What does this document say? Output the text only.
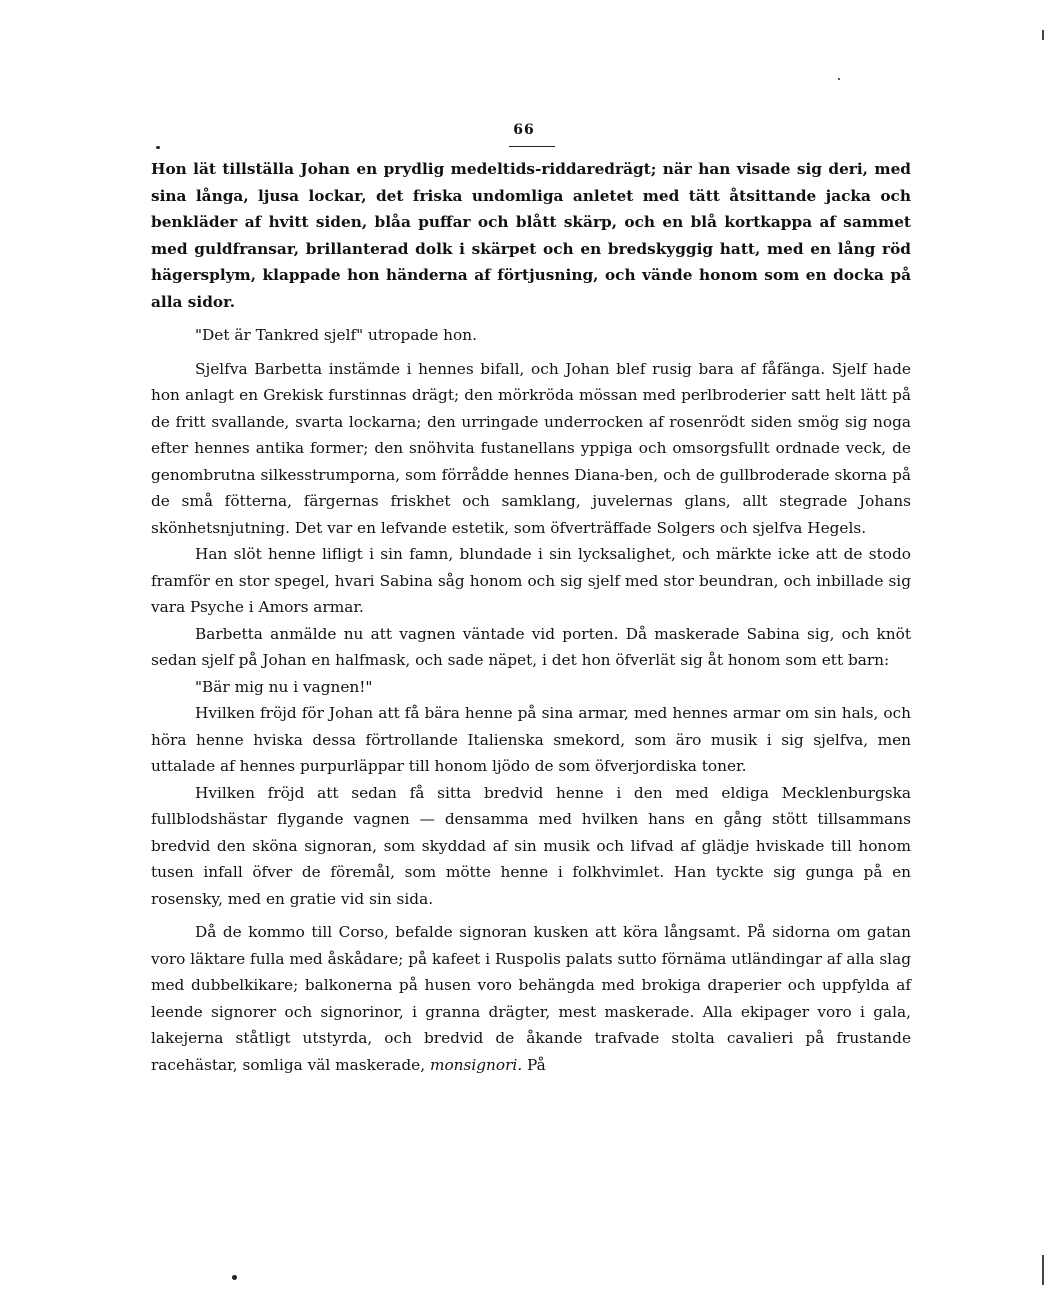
66

Hon lät tillställa Johan en prydlig medeltids-riddaredrägt; när han visade sig deri, med sina långa, ljusa lockar, det friska undomliga anletet med tätt åtsittande jacka och benkläder af hvitt siden, blåa puffar och blått skärp, och en blå kortkappa af sammet med guldfransar, brillanterad dolk i skärpet och en bredskyggig hatt, med en lång röd hägersplym, klappade hon händerna af förtjusning, och vände honom som en docka på alla sidor.

"Det är Tankred sjelf" utropade hon.

Sjelfva Barbetta instämde i hennes bifall, och Johan blef rusig bara af fåfänga. Sjelf hade hon anlagt en Grekisk furstinnas drägt; den mörkröda mössan med perlbroderier satt helt lätt på de fritt svallande, svarta lockarna; den urringade underrocken af rosenrödt siden smög sig noga efter hennes antika former; den snöhvita fustanellans yppiga och omsorgsfullt ordnade veck, de genombrutna silkesstrumporna, som förrådde hennes Diana-ben, och de gullbroderade skorna på de små fötterna, färgernas friskhet och samklang, juvelernas glans, allt stegrade Johans skönhetsnjutning. Det var en lefvande estetik, som öfverträffade Solgers och sjelfva Hegels.

Han slöt henne lifligt i sin famn, blundade i sin lycksalighet, och märkte icke att de stodo framför en stor spegel, hvari Sabina såg honom och sig sjelf med stor beundran, och inbillade sig vara Psyche i Amors armar.

Barbetta anmälde nu att vagnen väntade vid porten. Då maskerade Sabina sig, och knöt sedan sjelf på Johan en halfmask, och sade näpet, i det hon öfverlät sig åt honom som ett barn:

"Bär mig nu i vagnen!"

Hvilken fröjd för Johan att få bära henne på sina armar, med hennes armar om sin hals, och höra henne hviska dessa förtrollande Italienska smekord, som äro musik i sig sjelfva, men uttalade af hennes purpurläppar till honom ljödo de som öfverjordiska toner.

Hvilken fröjd att sedan få sitta bredvid henne i den med eldiga Mecklenburgska fullblodshästar flygande vagnen — densamma med hvilken hans en gång stött tillsammans bredvid den sköna signoran, som skyddad af sin musik och lifvad af glädje hviskade till honom tusen infall öfver de föremål, som mötte henne i folkhvimlet. Han tyckte sig gunga på en rosensky, med en gratie vid sin sida.

Då de kommo till Corso, befalde signoran kusken att köra långsamt. På sidorna om gatan voro läktare fulla med åskådare; på kafeet i Ruspolis palats sutto förnäma utländingar af alla slag med dubbelkikare; balkonerna på husen voro behängda med brokiga draperier och uppfylda af leende signorer och signorinor, i granna drägter, mest maskerade. Alla ekipager voro i gala, lakejerna ståtligt utstyrda, och bredvid de åkande trafvade stolta cavalieri på frustande racehästar, somliga väl maskerade, monsignori. På
